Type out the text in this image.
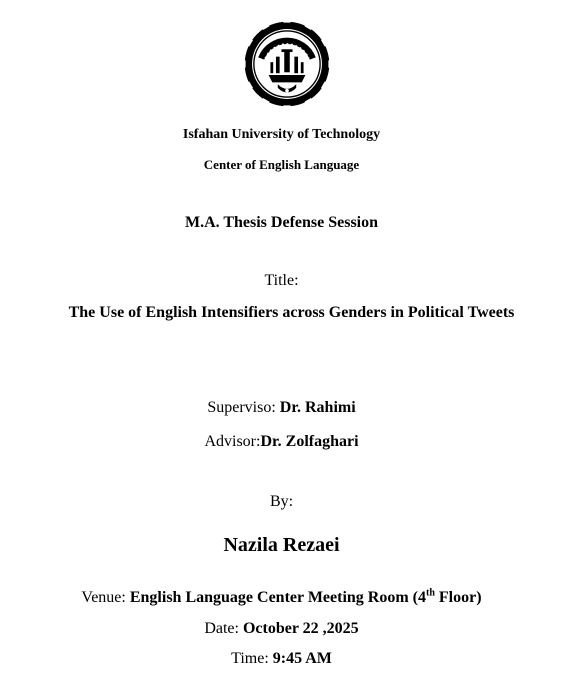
Isfahan University of Technology
Center of English Language
M.A. Thesis Defense Session
Title:
The Use of English Intensifiers across Genders in Political Tweets
Superviso: Dr. Rahimi
Advisor:Dr. Zolfaghari
By:
Nazila Rezaei
Venue: English Language Center Meeting Room (4th Floor)
Date: October 22 ,2025
Time: 9:45 AM
